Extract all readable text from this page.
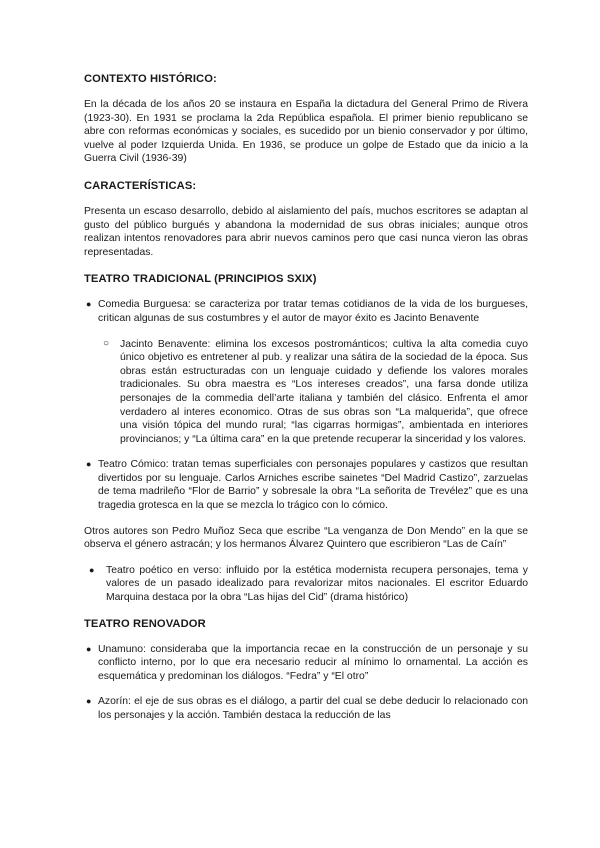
CONTEXTO HISTÓRICO:

En la década de los años 20 se instaura en España la dictadura del General Primo de Rivera (1923-30). En 1931 se proclama la 2da República española. El primer bienio republicano se abre con reformas económicas y sociales, es sucedido por un bienio conservador y por último, vuelve al poder Izquierda Unida. En 1936, se produce un golpe de Estado que da inicio a la Guerra Civil (1936-39)

CARACTERÍSTICAS:

Presenta un escaso desarrollo, debido al aislamiento del país, muchos escritores se adaptan al gusto del público burgués y abandona la modernidad de sus obras iniciales; aunque otros realizan intentos renovadores para abrir nuevos caminos pero que casi nunca vieron las obras representadas.

TEATRO TRADICIONAL (PRINCIPIOS SXIX)
● Comedia Burguesa: se caracteriza por tratar temas cotidianos de la vida de los burgueses, critican algunas de sus costumbres y el autor de mayor éxito es Jacinto Benavente
○ Jacinto Benavente: elimina los excesos postrománticos; cultiva la alta comedia cuyo único objetivo es entretener al pub. y realizar una sátira de la sociedad de la época. Sus obras están estructuradas con un lenguaje cuidado y defiende los valores morales tradicionales. Su obra maestra es “Los intereses creados”, una farsa donde utiliza personajes de la commedia dell’arte italiana y también del clásico. Enfrenta el amor verdadero al interes economico. Otras de sus obras son “La malquerida”, que ofrece una visión tópica del mundo rural; “las cigarras hormigas”, ambientada en interiores provincianos; y “La última cara” en la que pretende recuperar la sinceridad y los valores.
● Teatro Cómico: tratan temas superficiales con personajes populares y castizos que resultan divertidos por su lenguaje. Carlos Arniches escribe sainetes “Del Madrid Castizo”, zarzuelas de tema madrileño “Flor de Barrio” y sobresale la obra “La señorita de Trevélez” que es una tragedia grotesca en la que se mezcla lo trágico con lo cómico.

Otros autores son Pedro Muñoz Seca que escribe “La venganza de Don Mendo” en la que se observa el género astracán; y los hermanos Álvarez Quintero que escribieron “Las de Caín”

● Teatro poético en verso: influido por la estética modernista recupera personajes, tema y valores de un pasado idealizado para revalorizar mitos nacionales. El escritor Eduardo Marquina destaca por la obra “Las hijas del Cid” (drama histórico)
TEATRO RENOVADOR
● Unamuno: consideraba que la importancia recae en la construcción de un personaje y su conflicto interno, por lo que era necesario reducir al mínimo lo ornamental. La acción es esquemática y predominan los diálogos. “Fedra” y “El otro”
● Azorín: el eje de sus obras es el diálogo, a partir del cual se debe deducir lo relacionado con los personajes y la acción. También destaca la reducción de las
